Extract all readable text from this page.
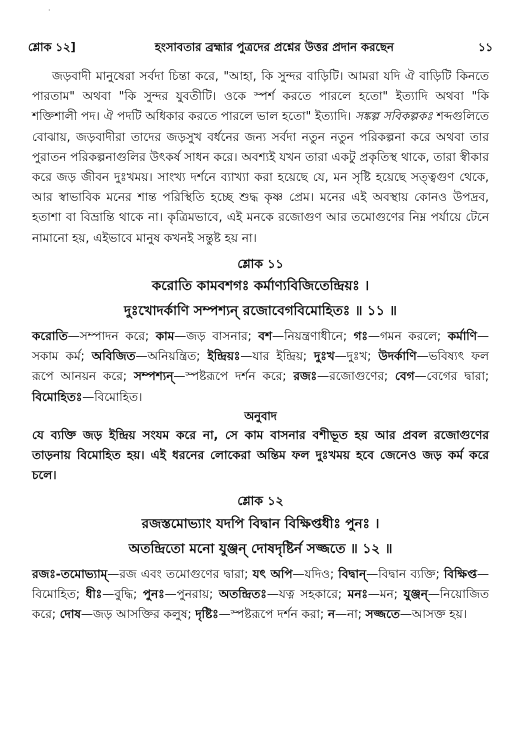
·
শ্লোক ১২]	হংসাবতার ব্রহ্মার পুত্রদের প্রশ্নের উত্তর প্রদান করছেন	১১

জড়বাদী মানুষেরা সর্বদা চিন্তা করে, "আহা, কি সুন্দর বাড়িটি। আমরা যদি ঐ বাড়িটি কিনতে পারতাম" অথবা "কি সুন্দর যুবতীটি। ওকে স্পর্শ করতে পারলে হতো" ইত্যাদি অথবা "কি শক্তিশালী পদ। ঐ পদটি অধিকার করতে পারলে ভাল হতো" ইত্যাদি। সঙ্কল্প সবিকল্পকঃ শব্দগুলিতে বোঝায়, জড়বাদীরা তাদের জড়সুখ বর্ধনের জন্য সর্বদা নতুন নতুন পরিকল্পনা করে অথবা তার পুরাতন পরিকল্পনাগুলির উৎকর্ষ সাধন করে। অবশ্যই যখন তারা একটু প্রকৃতিস্থ থাকে, তারা স্বীকার করে জড় জীবন দুঃখময়। সাংখ্য দর্শনে ব্যাখ্যা করা হয়েছে যে, মন সৃষ্টি হয়েছে সত্ত্বগুণ থেকে, আর স্বাভাবিক মনের শান্ত পরিস্থিতি হচ্ছে শুদ্ধ কৃষ্ণ প্রেম। মনের এই অবস্থায় কোনও উপদ্রব, হতাশা বা বিভ্রান্তি থাকে না। কৃত্রিমভাবে, এই মনকে রজোগুণ আর তমোগুণের নিম্ন পর্যায়ে টেনে নামানো হয়, এইভাবে মানুষ কখনই সন্তুষ্ট হয় না।

শ্লোক ১১
করোতি কামবশগঃ কর্মাণ্যবিজিতেন্দ্রিয়ঃ ।
দুঃখোদর্কাণি সম্পশ্যন্ রজোবেগবিমোহিতঃ ॥ ১১ ॥

করোতি—সম্পাদন করে; কাম—জড় বাসনার; বশ—নিয়ন্ত্রণাধীনে; গঃ—গমন করলে; কর্মাণি—সকাম কর্ম; অবিজিত—অনিয়ন্ত্রিত; ইন্দ্রিয়ঃ—যার ইন্দ্রিয়; দুঃখ—দুঃখ; উদর্কাণি—ভবিষ্যৎ ফল রূপে আনয়ন করে; সম্পশ্যন্—স্পষ্টরূপে দর্শন করে; রজঃ—রজোগুণের; বেগ—বেগের দ্বারা; বিমোহিতঃ—বিমোহিত।

অনুবাদ

যে ব্যক্তি জড় ইন্দ্রিয় সংযম করে না, সে কাম বাসনার বশীভূত হয় আর প্রবল রজোগুণের তাড়নায় বিমোহিত হয়। এই ধরনের লোকেরা অন্তিম ফল দুঃখময় হবে জেনেও জড় কর্ম করে চলে।

শ্লোক ১২
রজস্তমোভ্যাং যদপি বিদ্বান বিক্ষিপ্তধীঃ পুনঃ ।
অতন্দ্রিতো মনো যুঞ্জন্ দোষদৃষ্টির্ন সজ্জতে ॥ ১২ ॥

রজঃ-তমোভ্যাম্—রজ এবং তমোগুণের দ্বারা; যৎ অপি—যদিও; বিদ্বান্—বিদ্বান ব্যক্তি; বিক্ষিপ্ত—বিমোহিত; ধীঃ—বুদ্ধি; পুনঃ—পুনরায়; অতন্দ্রিতঃ—যত্ন সহকারে; মনঃ—মন; যুঞ্জন্—নিয়োজিত করে; দোষ—জড় আসক্তির কলুষ; দৃষ্টিঃ—স্পষ্টরূপে দর্শন করা; ন—না; সজ্জতে—আসক্ত হয়।
